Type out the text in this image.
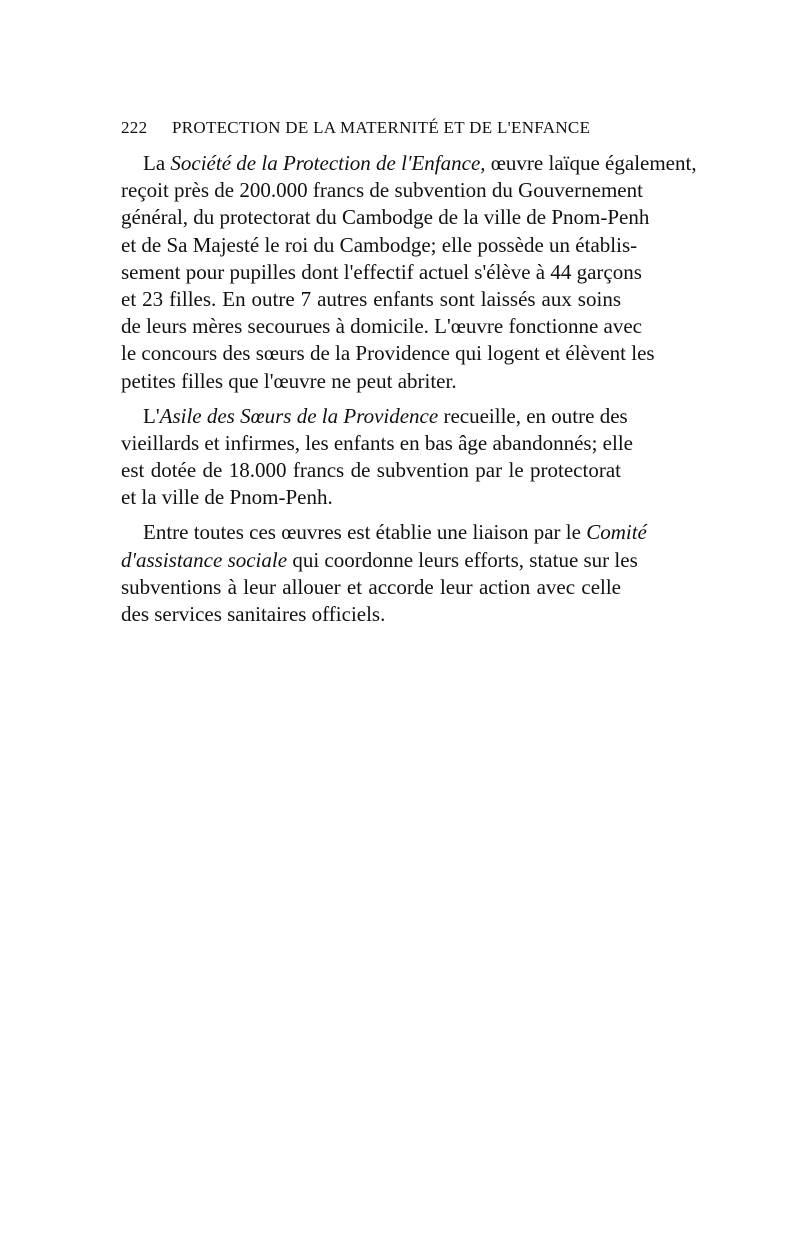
222 PROTECTION DE LA MATERNITÉ ET DE L'ENFANCE
La Société de la Protection de l'Enfance, œuvre laïque également,
reçoit près de 200.000 francs de subvention du Gouvernement
général, du protectorat du Cambodge de la ville de Pnom-Penh
et de Sa Majesté le roi du Cambodge; elle possède un établis-
sement pour pupilles dont l'effectif actuel s'élève à 44 garçons
et 23 filles. En outre 7 autres enfants sont laissés aux soins
de leurs mères secourues à domicile. L'œuvre fonctionne avec
le concours des sœurs de la Providence qui logent et élèvent les
petites filles que l'œuvre ne peut abriter.
L'Asile des Sœurs de la Providence recueille, en outre des
vieillards et infirmes, les enfants en bas âge abandonnés; elle
est dotée de 18.000 francs de subvention par le protectorat
et la ville de Pnom-Penh.
Entre toutes ces œuvres est établie une liaison par le Comité
d'assistance sociale qui coordonne leurs efforts, statue sur les
subventions à leur allouer et accorde leur action avec celle
des services sanitaires officiels.
